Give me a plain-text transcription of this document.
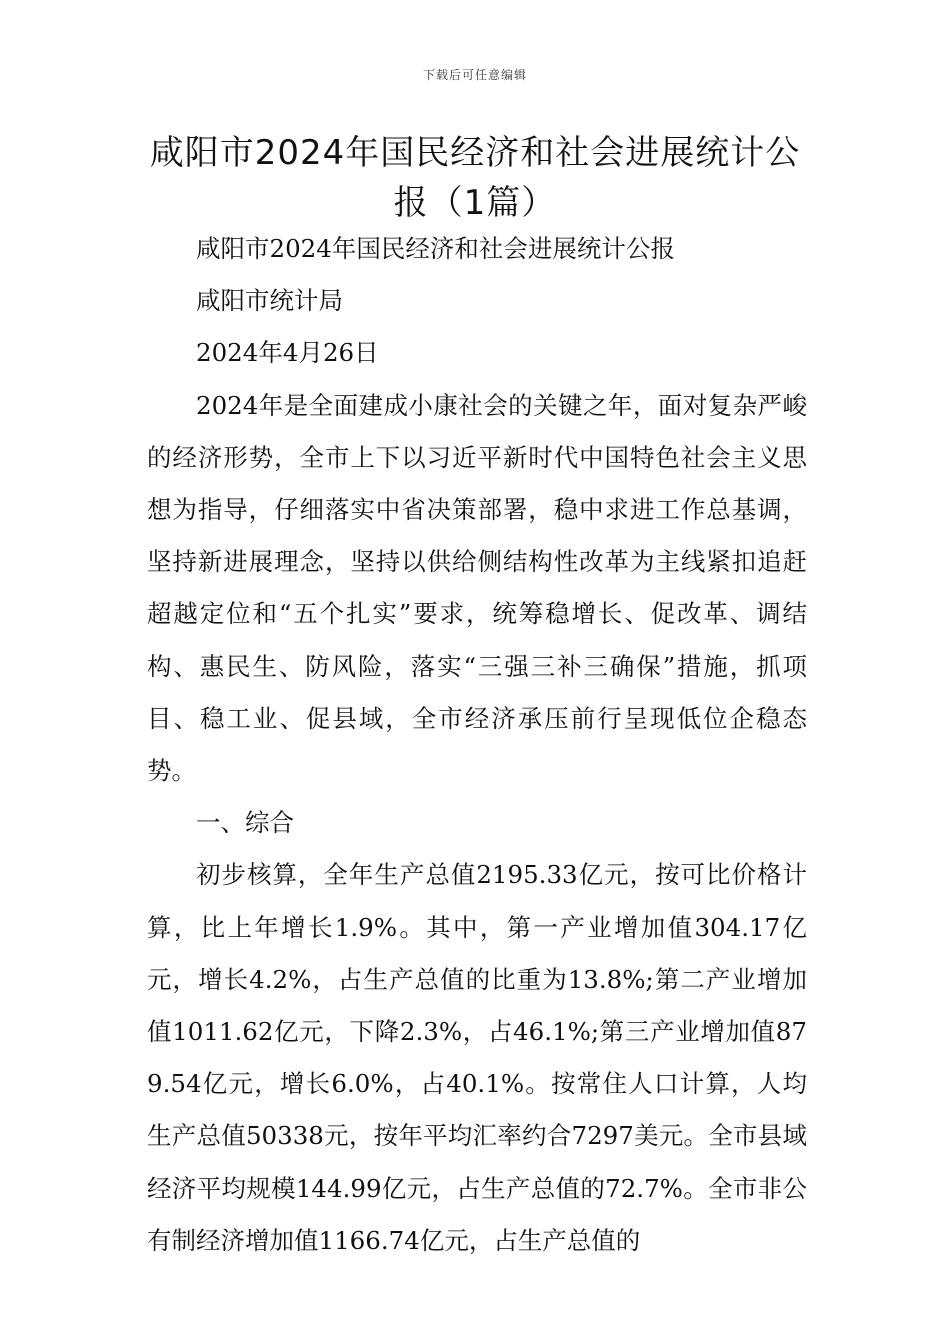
下载后可任意编辑
咸阳市2024年国民经济和社会进展统计公报（1篇）

咸阳市2024年国民经济和社会进展统计公报

咸阳市统计局

2024年4月26日

2024年是全面建成小康社会的关键之年，面对复杂严峻的经济形势，全市上下以习近平新时代中国特色社会主义思想为指导，仔细落实中省决策部署，稳中求进工作总基调，坚持新进展理念，坚持以供给侧结构性改革为主线紧扣追赶超越定位和“五个扎实”要求，统筹稳增长、促改革、调结构、惠民生、防风险，落实“三强三补三确保”措施，抓项目、稳工业、促县域，全市经济承压前行呈现低位企稳态势。

一、综合

初步核算，全年生产总值2195.33亿元，按可比价格计算，比上年增长1.9%。其中，第一产业增加值304.17亿元，增长4.2%，占生产总值的比重为13.8%;第二产业增加值1011.62亿元，下降2.3%，占46.1%;第三产业增加值879.54亿元，增长6.0%，占40.1%。按常住人口计算，人均生产总值50338元，按年平均汇率约合7297美元。全市县域经济平均规模144.99亿元，占生产总值的72.7%。全市非公有制经济增加值1166.74亿元，占生产总值的
